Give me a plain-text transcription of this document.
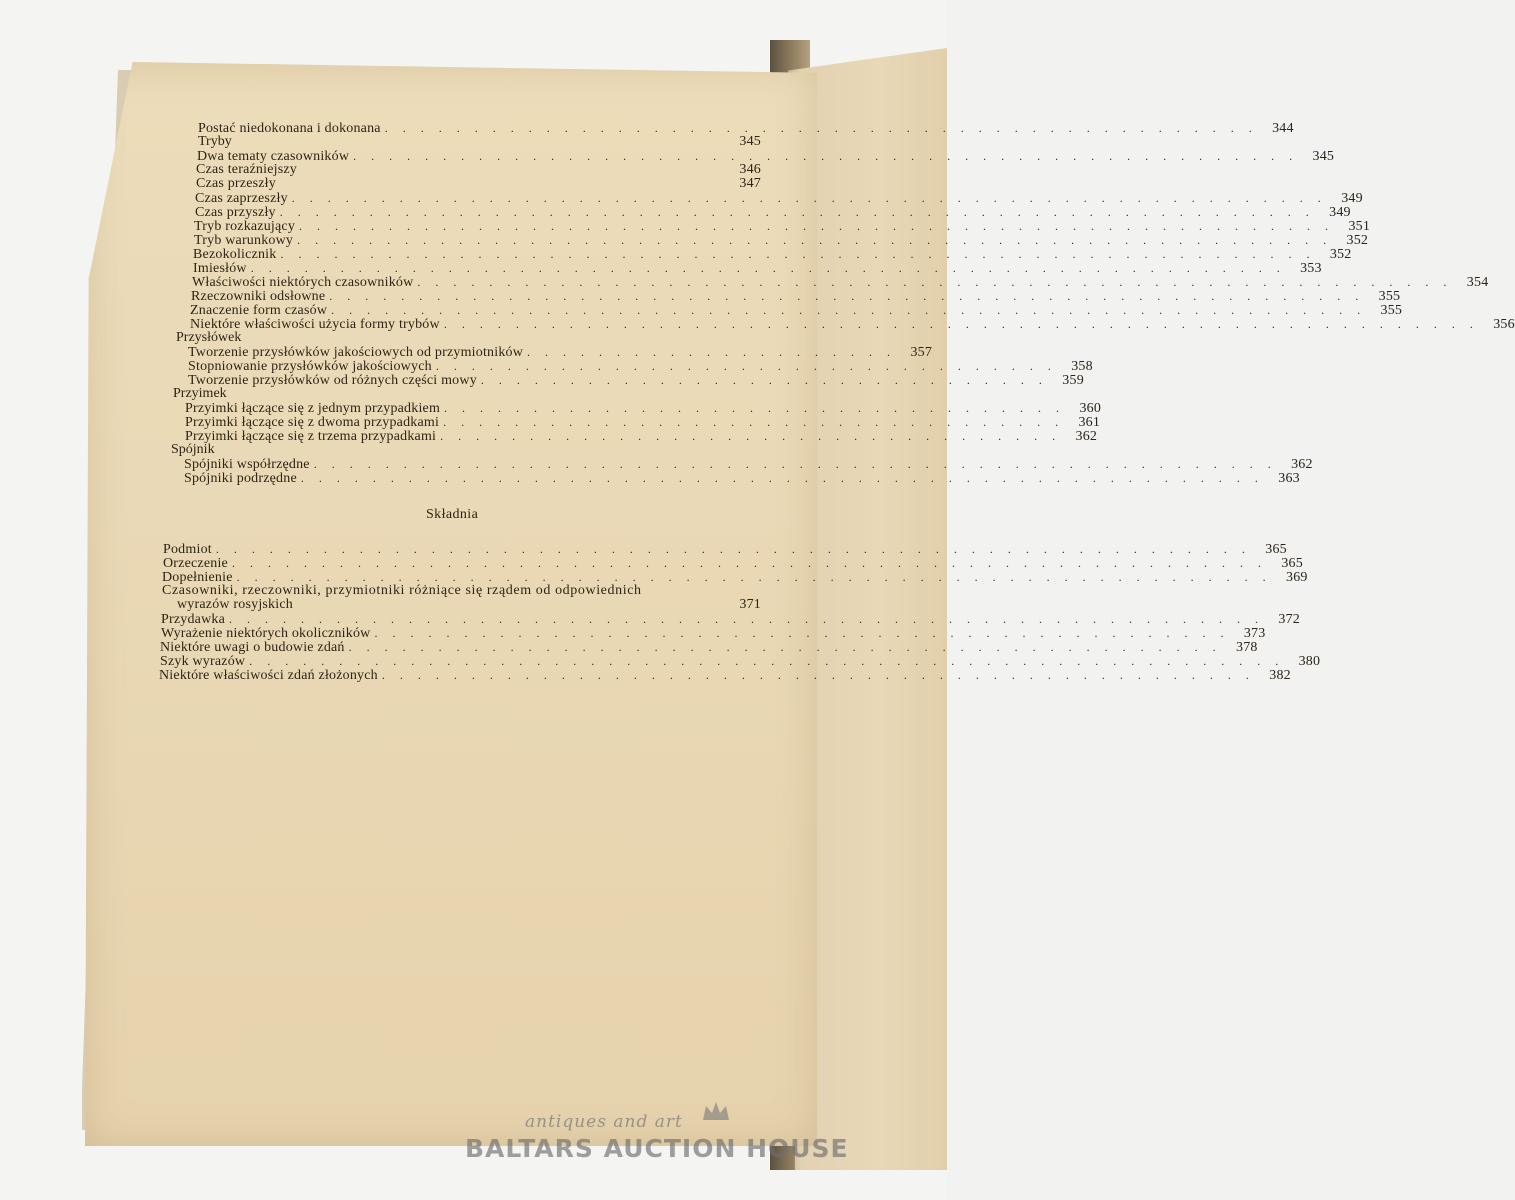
Postać niedokonana i dokonana . . . . . . . . . . . . . . . . . . . . . . . . . . . . . . . . . . . . . . . . . . . . . . . . .	344
Tryby	345
Dwa tematy czasowników . . . . . . . . . . . . . . . . . . . . . . . . . . . . . . . . . . . . . . . . . . . . . . . . . . . . .	345
Czas teraźniejszy	346
Czas przeszły	347
Czas zaprzeszły . . . . . . . . . . . . . . . . . . . . . . . . . . . . . . . . . . . . . . . . . . . . . . . . . . . . . . . . . .	349
Czas przyszły . . . . . . . . . . . . . . . . . . . . . . . . . . . . . . . . . . . . . . . . . . . . . . . . . . . . . . . . . .	349
Tryb rozkazujący . . . . . . . . . . . . . . . . . . . . . . . . . . . . . . . . . . . . . . . . . . . . . . . . . . . . . . . . . .	351
Tryb warunkowy . . . . . . . . . . . . . . . . . . . . . . . . . . . . . . . . . . . . . . . . . . . . . . . . . . . . . . . . . .	352
Bezokolicznik . . . . . . . . . . . . . . . . . . . . . . . . . . . . . . . . . . . . . . . . . . . . . . . . . . . . . . . . . .	352
Imiesłów . . . . . . . . . . . . . . . . . . . . . . . . . . . . . . . . . . . . . . . . . . . . . . . . . . . . . . . . . .	353
Właściwości niektórych czasowników . . . . . . . . . . . . . . . . . . . . . . . . . . . . . . . . . . . . . . . . . . . . . . . . . . . . . . . . . .	354
Rzeczowniki odsłowne . . . . . . . . . . . . . . . . . . . . . . . . . . . . . . . . . . . . . . . . . . . . . . . . . . . . . . . . . .	355
Znaczenie form czasów . . . . . . . . . . . . . . . . . . . . . . . . . . . . . . . . . . . . . . . . . . . . . . . . . . . . . . . . . .	355
Niektóre właściwości użycia formy trybów . . . . . . . . . . . . . . . . . . . . . . . . . . . . . . . . . . . . . . . . . . . . . . . . . . . . . . . . . .	356
Przysłówek
Tworzenie przysłówków jakościowych od przymiotników . . . . . . . . . . . . . . . . . . . . .	357
Stopniowanie przysłówków jakościowych . . . . . . . . . . . . . . . . . . . . . . . . . . . . . . . . . . .	358
Tworzenie przysłówków od różnych części mowy . . . . . . . . . . . . . . . . . . . . . . . . . . . . . . . .	359
Przyimek
Przyimki łączące się z jednym przypadkiem . . . . . . . . . . . . . . . . . . . . . . . . . . . . . . . . . . .	360
Przyimki łączące się z dwoma przypadkami . . . . . . . . . . . . . . . . . . . . . . . . . . . . . . . . . . .	361
Przyimki łączące się z trzema przypadkami . . . . . . . . . . . . . . . . . . . . . . . . . . . . . . . . . . .	362
Spójnik
Spójniki współrzędne . . . . . . . . . . . . . . . . . . . . . . . . . . . . . . . . . . . . . . . . . . . . . . . . . . . . . .	362
Spójniki podrzędne . . . . . . . . . . . . . . . . . . . . . . . . . . . . . . . . . . . . . . . . . . . . . . . . . . . . . .	363
Składnia
Podmiot . . . . . . . . . . . . . . . . . . . . . . . . . . . . . . . . . . . . . . . . . . . . . . . . . . . . . . . . . .	365
Orzeczenie . . . . . . . . . . . . . . . . . . . . . . . . . . . . . . . . . . . . . . . . . . . . . . . . . . . . . . . . . .	365
Dopełnienie . . . . . . . . . . . . . . . . . . . . . . . . . . . . . . . . . . . . . . . . . . . . . . . . . . . . . . . . . .	369
Czasowniki, rzeczowniki, przymiotniki różniące się rządem od odpowiednich
wyrazów rosyjskich	371
Przydawka . . . . . . . . . . . . . . . . . . . . . . . . . . . . . . . . . . . . . . . . . . . . . . . . . . . . . . . . . .	372
Wyrażenie niektórych okoliczników . . . . . . . . . . . . . . . . . . . . . . . . . . . . . . . . . . . . . . . . . . . . . . . .	373
Niektóre uwagi o budowie zdań . . . . . . . . . . . . . . . . . . . . . . . . . . . . . . . . . . . . . . . . . . . . . . . . .	378
Szyk wyrazów . . . . . . . . . . . . . . . . . . . . . . . . . . . . . . . . . . . . . . . . . . . . . . . . . . . . . . . . . .	380
Niektóre właściwości zdań złożonych . . . . . . . . . . . . . . . . . . . . . . . . . . . . . . . . . . . . . . . . . . . . . . . . .	382
antiques and art
BALTARS AUCTION HOUSE
